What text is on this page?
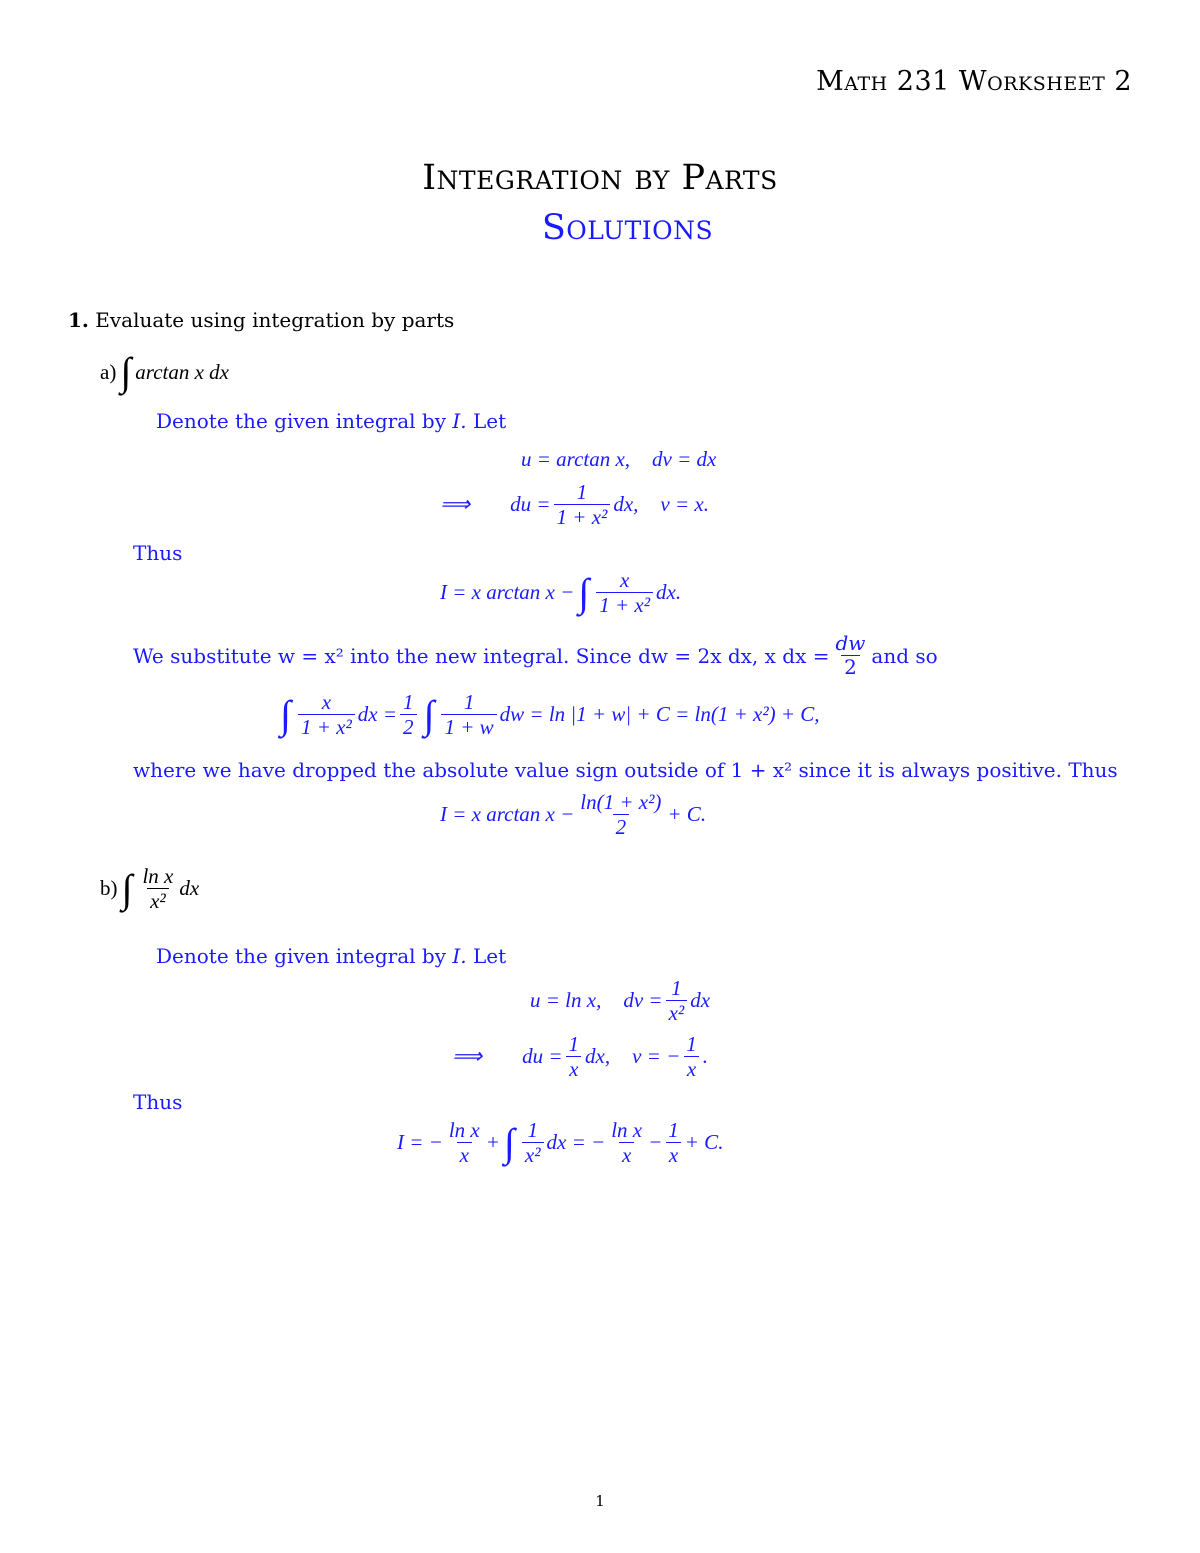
Math 231 Worksheet 2
Integration by Parts
Solutions
1. Evaluate using integration by parts
a) ∫ arctan x dx
Denote the given integral by I. Let
u = arctan x, dv = dx
⟹ du = $\frac{1}{\text{1 + x²}}$ dx, v = x.
Thus
I = x arctan x − ∫ $\frac{x}{\text{1 + x²}}$ dx.
We substitute w = x² into the new integral. Since dw = 2x dx, x dx = $\frac{dw}{2}$ and so
∫ $\frac{x}{\text{1 + x²}}$ dx = $\frac{1}{2}$ ∫ $\frac{1}{1 + w}$ dw = ln |1 + w| + C = ln(1 + x²) + C,
where we have dropped the absolute value sign outside of 1 + x² since it is always positive. Thus
I = x $\arctan x - \frac{\text{ln(1 + x²)}}{2} + C$.
b) ∫ $\frac{\text{ln x}}{\text{x²}}$ dx
Denote the given integral by I. Let
u = ln x, dv = $\frac{1}{\text{x²}}$ dx
⟹ du = $\frac{1}{x}$ dx, v = − $\frac{1}{x}$ .
Thus
I = − $\frac{\text{ln x}}{x}$ + ∫ $\frac{1}{\text{x²}}$ dx = − $\frac{\text{ln x}}{x} - \frac{1}{x} + C$.
1
